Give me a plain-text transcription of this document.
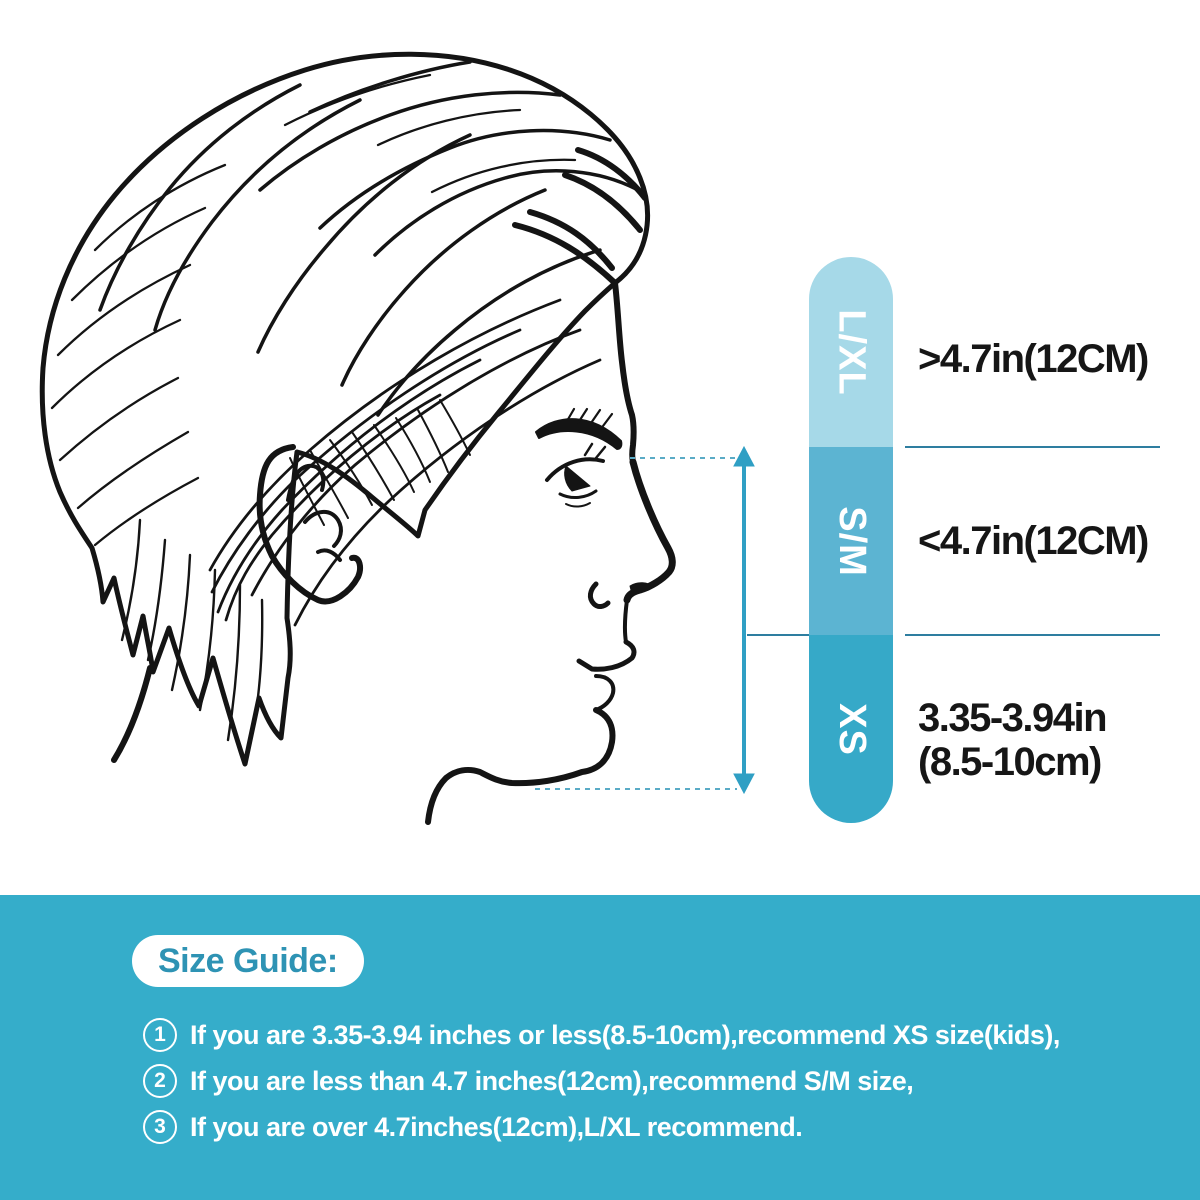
L/XL
S/M
XS
>4.7in(12CM)
<4.7in(12CM)
3.35-3.94in
(8.5-10cm)
Size Guide:
1 If you are 3.35-3.94 inches or less(8.5-10cm),recommend XS size(kids),
2 If you are less than 4.7 inches(12cm),recommend S/M size,
3 If you are over 4.7inches(12cm),L/XL recommend.
